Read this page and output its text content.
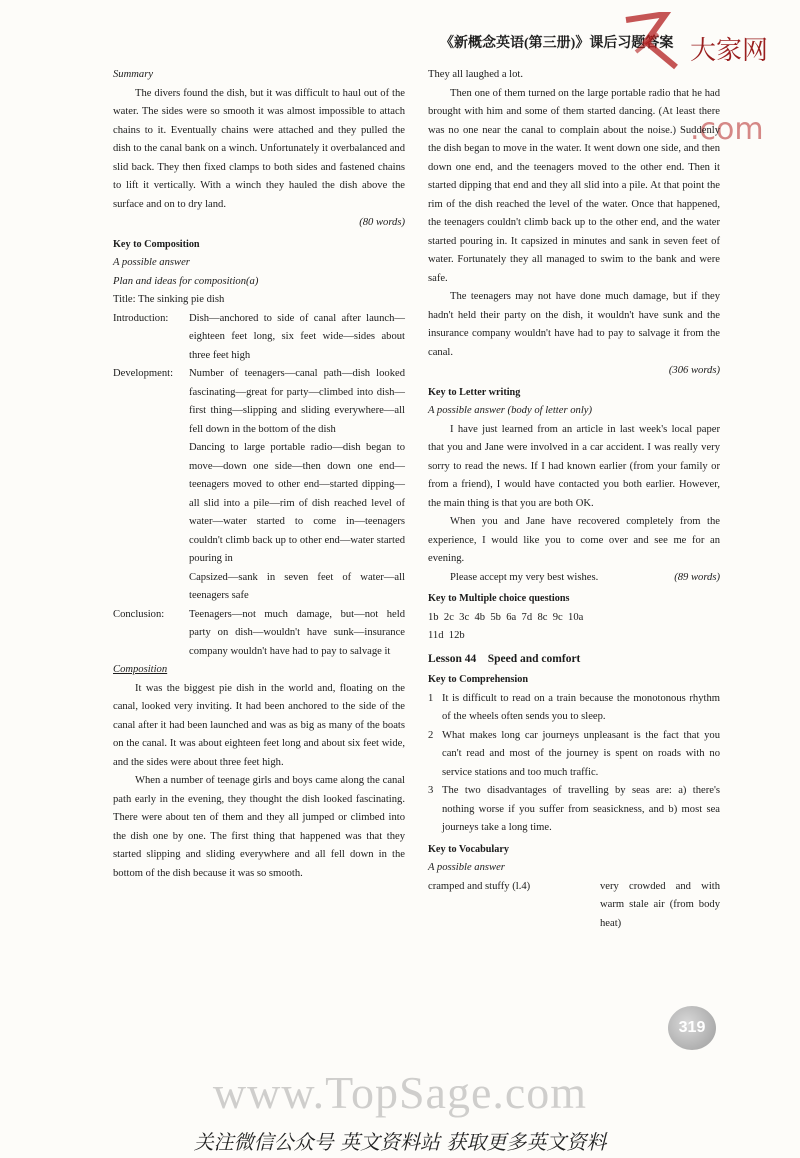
《新概念英语(第三册)》课后习题答案 大家网
.com

Summary

The divers found the dish, but it was difficult to haul out of the water. The sides were so smooth it was almost impossible to attach chains to it. Eventually chains were attached and they pulled the dish to the canal bank on a winch. Unfortunately it overbalanced and slid back. They then fixed clamps to both sides and fastened chains to lift it vertically. With a winch they hauled the dish above the surface and on to dry land.

(80 words)

Key to Composition

A possible answer

Plan and ideas for composition(a)

Title: The sinking pie dish

Introduction:	Dish—anchored to side of canal after launch—eighteen feet long, six feet wide—sides about three feet high
Development:	Number of teenagers—canal path—dish looked fascinating—great for party—climbed into dish—first thing—slipping and sliding everywhere—all fell down in the bottom of the dish
Dancing to large portable radio—dish began to move—down one side—then down one end—teenagers moved to other end—started dipping—all slid into a pile—rim of dish reached level of water—water started to come in—teenagers couldn't climb back up to other end—water started pouring in
Capsized—sank in seven feet of water—all teenagers safe
Conclusion:	Teenagers—not much damage, but—not held party on dish—wouldn't have sunk—insurance company wouldn't have had to pay to salvage it

Composition

It was the biggest pie dish in the world and, floating on the canal, looked very inviting. It had been anchored to the side of the canal after it had been launched and was as big as many of the boats on the canal. It was about eighteen feet long and about six feet wide, and the sides were about three feet high.

When a number of teenage girls and boys came along the canal path early in the evening, they thought the dish looked fascinating. There were about ten of them and they all jumped or climbed into the dish one by one. The first thing that happened was that they started slipping and sliding everywhere and all fell down in the bottom of the dish because it was so smooth.

They all laughed a lot.

Then one of them turned on the large portable radio that he had brought with him and some of them started dancing. (At least there was no one near the canal to complain about the noise.) Suddenly the dish began to move in the water. It went down one side, and then down one end, and the teenagers moved to the other end. Then it started dipping that end and they all slid into a pile. At that point the rim of the dish reached the level of the water. Once that happened, the teenagers couldn't climb back up to the other end, and the water started pouring in. It capsized in minutes and sank in seven feet of water. Fortunately they all managed to swim to the bank and were safe.

The teenagers may not have done much damage, but if they hadn't held their party on the dish, it wouldn't have sunk and the insurance company wouldn't have had to pay to salvage it from the canal.

(306 words)

Key to Letter writing

A possible answer (body of letter only)

I have just learned from an article in last week's local paper that you and Jane were involved in a car accident. I was really very sorry to read the news. If I had known earlier (from your family or from a friend), I would have contacted you both earlier. However, the main thing is that you are both OK.

When you and Jane have recovered completely from the experience, I would like you to come over and see me for an evening.

Please accept my very best wishes.	(89 words)

Key to Multiple choice questions

1b  2c  3c  4b  5b  6a  7d  8c  9c  10a

11d  12b

Lesson 44    Speed and comfort

Key to Comprehension

1 It is difficult to read on a train because the monotonous rhythm of the wheels often sends you to sleep.
2 What makes long car journeys unpleasant is the fact that you can't read and most of the journey is spent on roads with no service stations and too much traffic.
3 The two disadvantages of travelling by seas are: a) there's nothing worse if you suffer from seasickness, and b) most sea journeys take a long time.

Key to Vocabulary

A possible answer

cramped and stuffy (l.4)	very crowded and with warm stale air (from body heat)
319
www.TopSage.com
关注微信公众号 英文资料站 获取更多英文资料
